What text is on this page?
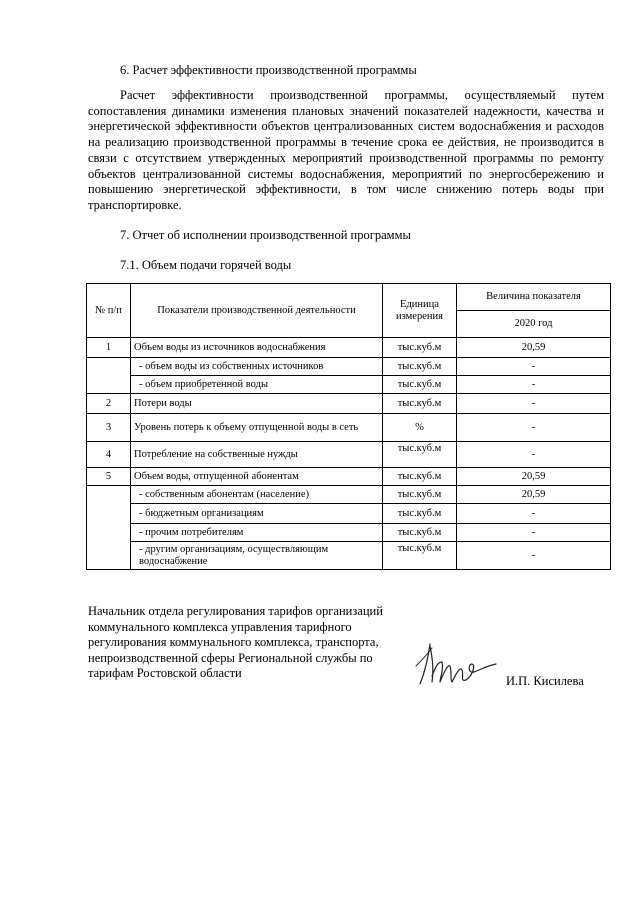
6. Расчет эффективности производственной программы

Расчет эффективности производственной программы, осуществляемый путем сопоставления динамики изменения плановых значений показателей надежности, качества и энергетической эффективности объектов централизованных систем водоснабжения и расходов на реализацию производственной программы в течение срока ее действия, не производится в связи с отсутствием утвержденных мероприятий производственной программы по ремонту объектов централизованной системы водоснабжения, мероприятий по энергосбережению и повышению энергетической эффективности, в том числе снижению потерь воды при транспортировке.

7. Отчет об исполнении производственной программы
7.1. Объем подачи горячей воды
№ п/п	Показатели производственной деятельности	Единица измерения	Величина показателя
			2020 год
1	Объем воды из источников водоснабжения	тыс.куб.м	20,59
	- объем воды из собственных источников	тыс.куб.м	-
	- объем приобретенной воды	тыс.куб.м	-
2	Потери воды	тыс.куб.м	-
3	Уровень потерь к объему отпущенной воды в сеть	%	-
4	Потребление на собственные нужды	тыс.куб.м	-
5	Объем воды, отпущенной абонентам	тыс.куб.м	20,59
	- собственным абонентам (население)	тыс.куб.м	20,59
	- бюджетным организациям	тыс.куб.м	-
	- прочим потребителям	тыс.куб.м	-
	- другим организациям, осуществляющим водоснабжение	тыс.куб.м	-
Начальник отдела регулирования тарифов организаций
коммунального комплекса управления тарифного
регулирования коммунального комплекса, транспорта,
непроизводственной сферы Региональной службы по
тарифам Ростовской области
И.П. Кисилева
